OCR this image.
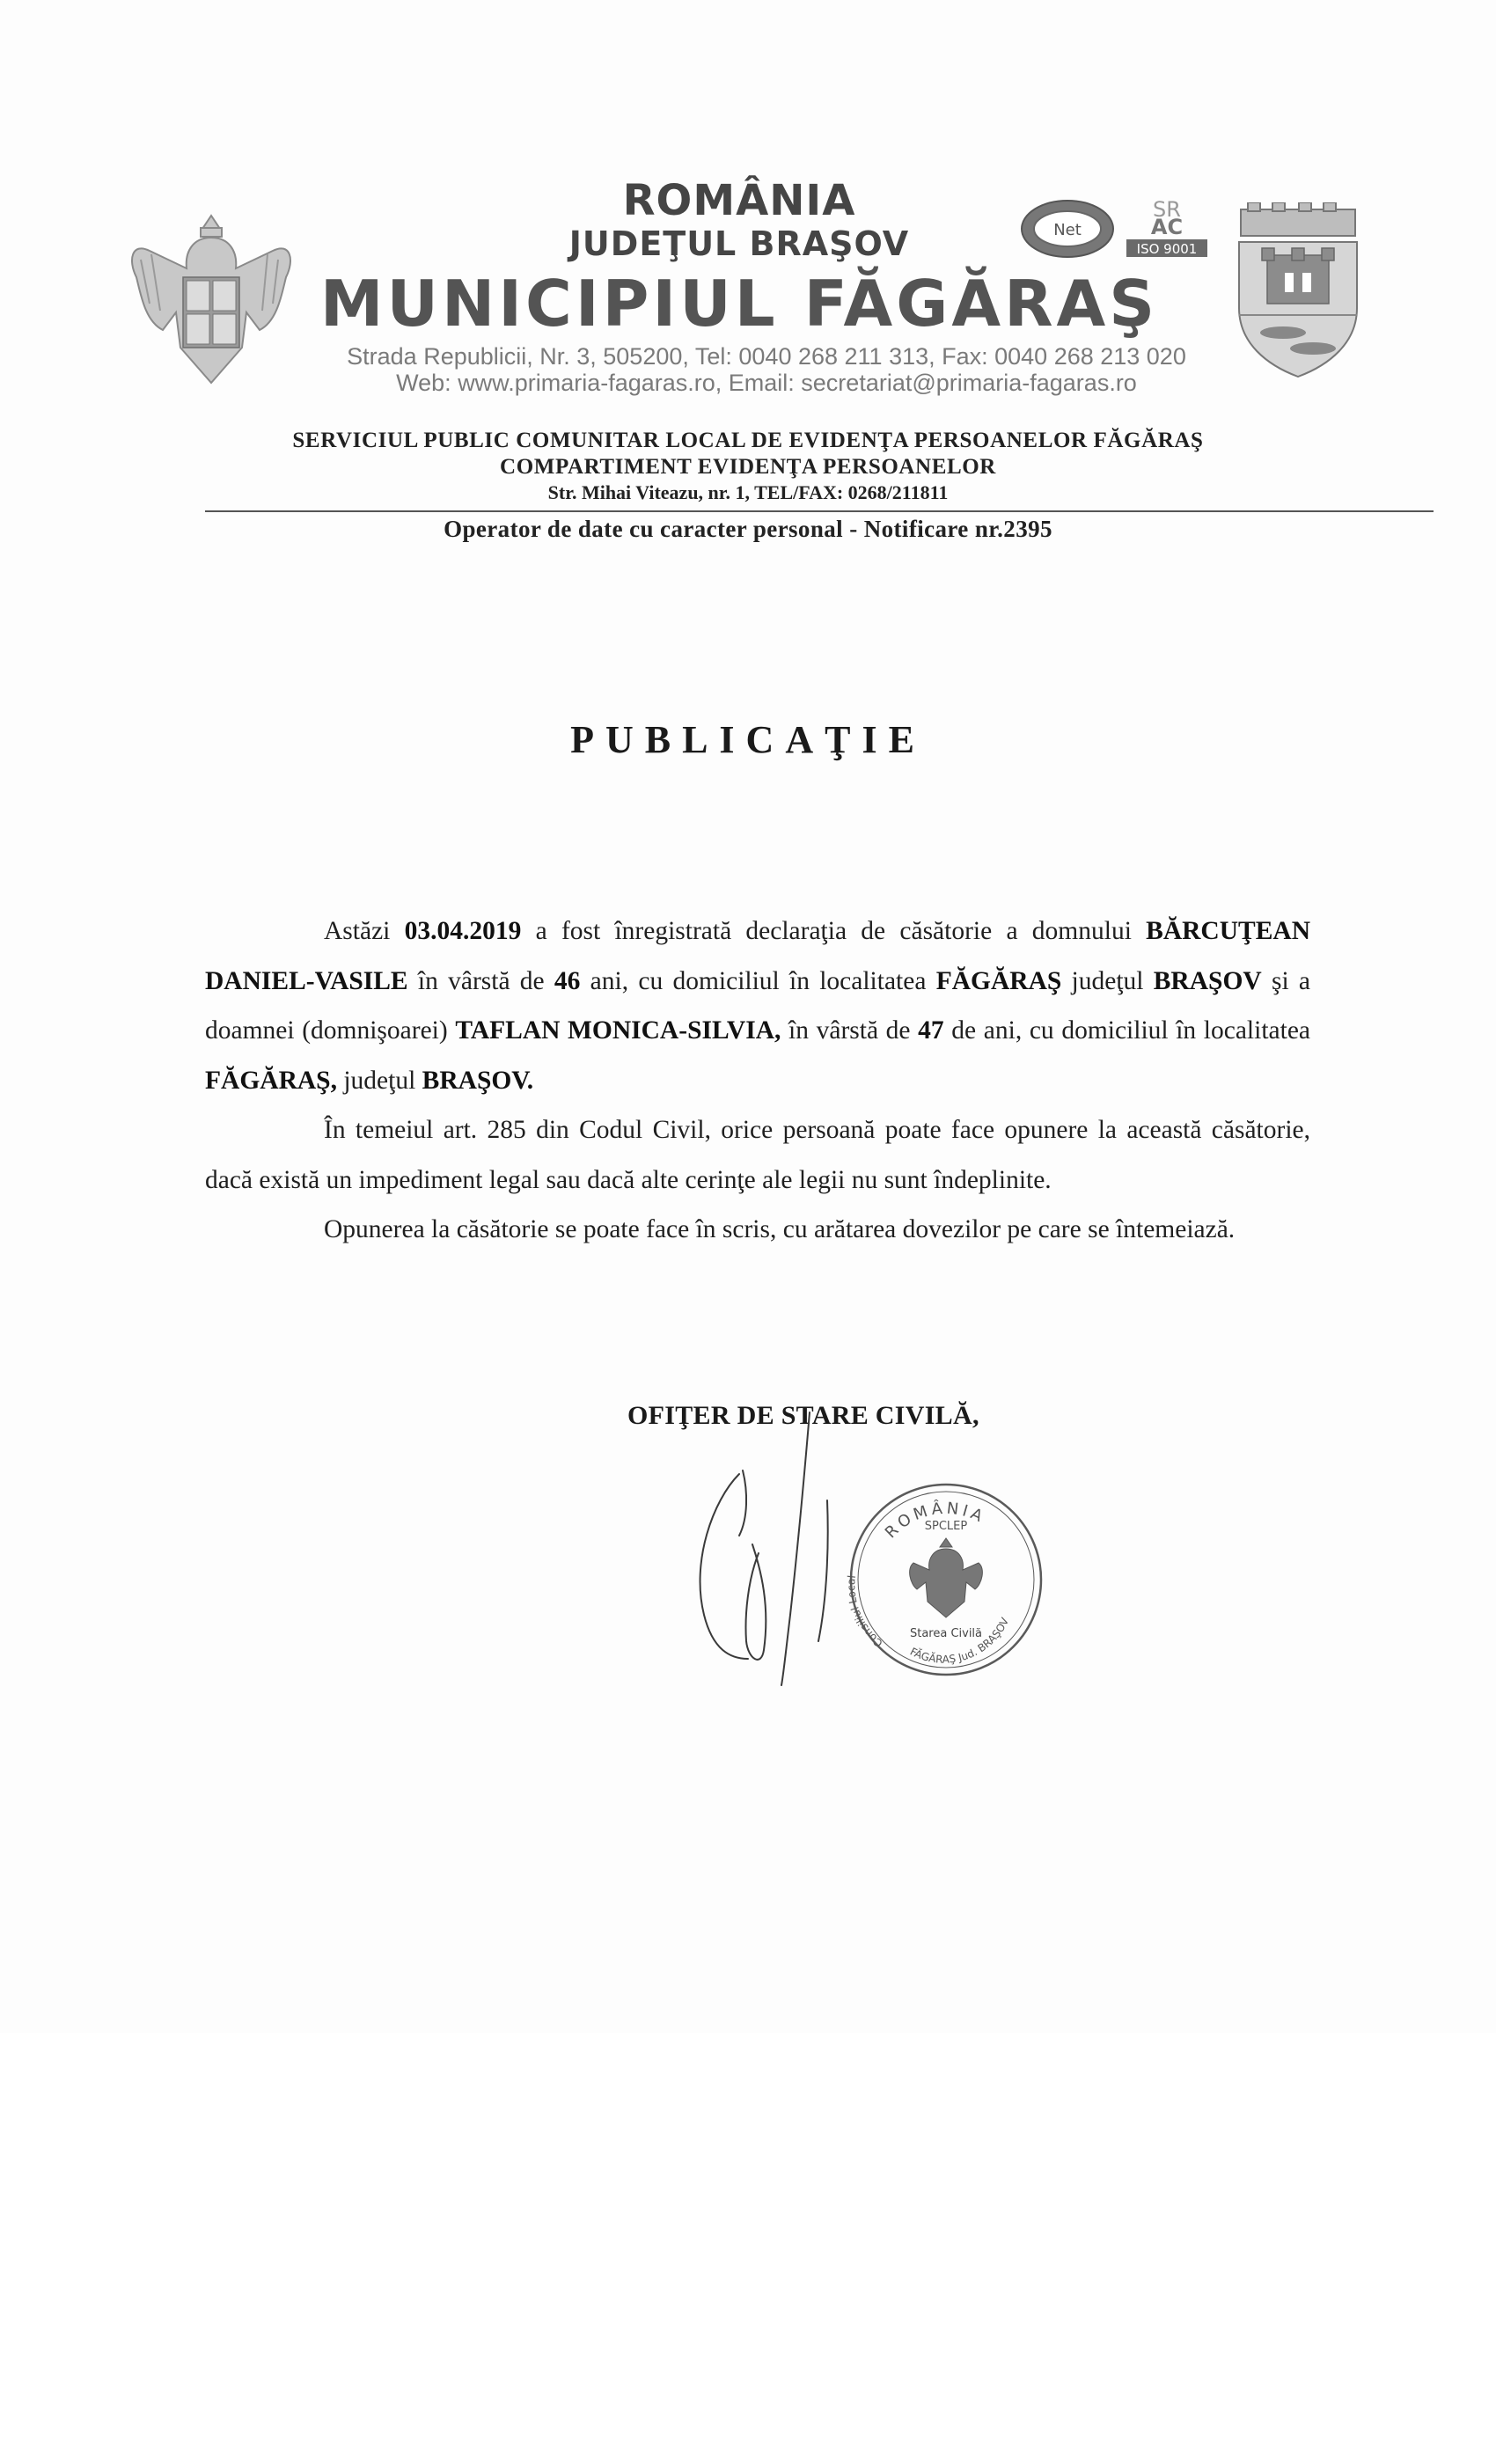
ROMÂNIA
JUDEŢUL BRAŞOV	Net
SR
AC
ISO 9001
MUNICIPIUL FĂGĂRAŞ
Strada Republicii, Nr. 3, 505200, Tel: 0040 268 211 313, Fax: 0040 268 213 020
Web: www.primaria-fagaras.ro, Email: secretariat@primaria-fagaras.ro
SERVICIUL PUBLIC COMUNITAR LOCAL DE EVIDENŢA PERSOANELOR FĂGĂRAŞ
COMPARTIMENT EVIDENŢA PERSOANELOR
Str. Mihai Viteazu, nr. 1, TEL/FAX: 0268/211811
Operator de date cu caracter personal - Notificare nr.2395
PUBLICAŢIE

Astăzi 03.04.2019 a fost înregistrată declaraţia de căsătorie a domnului BĂRCUŢEAN DANIEL-VASILE în vârstă de 46 ani, cu domiciliul în localitatea FĂGĂRAŞ judeţul BRAŞOV şi a doamnei (domnişoarei) TAFLAN MONICA-SILVIA, în vârstă de 47 de ani, cu domiciliul în localitatea FĂGĂRAŞ, judeţul BRAŞOV.

În temeiul art. 285 din Codul Civil, orice persoană poate face opunere la această căsătorie, dacă există un impediment legal sau dacă alte cerinţe ale legii nu sunt îndeplinite.

Opunerea la căsătorie se poate face în scris, cu arătarea dovezilor pe care se întemeiază.

OFIŢER DE STARE CIVILĂ,
ROMÂNIA
SPCLEP
Consiliul Local
FĂGĂRAŞ Jud. BRAŞOV
Starea Civilă
